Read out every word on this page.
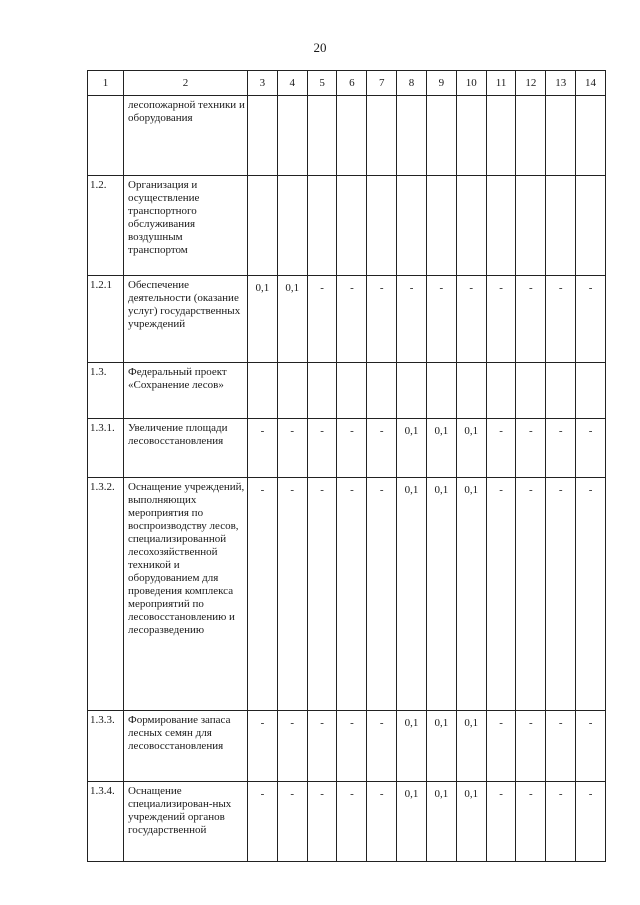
20
1	2	3	4	5	6	7	8	9	10	11	12	13	14
	лесопожарной техники и оборудования												
1.2.	Организация и осуществление транспортного обслуживания воздушным транспортом												
1.2.1	Обеспечение деятельности (оказание услуг) государственных учреждений	0,1	0,1	-	-	-	-	-	-	-	-	-	-
1.3.	Федеральный проект «Сохранение лесов»												
1.3.1.	Увеличение площади лесовосстановления	-	-	-	-	-	0,1	0,1	0,1	-	-	-	-
1.3.2.	Оснащение учреждений, выполняющих мероприятия по воспроизводству лесов, специализированной лесохозяйственной техникой и оборудованием для проведения комплекса мероприятий по лесовосстановлению и лесоразведению	-	-	-	-	-	0,1	0,1	0,1	-	-	-	-
1.3.3.	Формирование запаса лесных семян для лесовосстановления	-	-	-	-	-	0,1	0,1	0,1	-	-	-	-
1.3.4.	Оснащение специализирован-ных учреждений органов государственной	-	-	-	-	-	0,1	0,1	0,1	-	-	-	-
